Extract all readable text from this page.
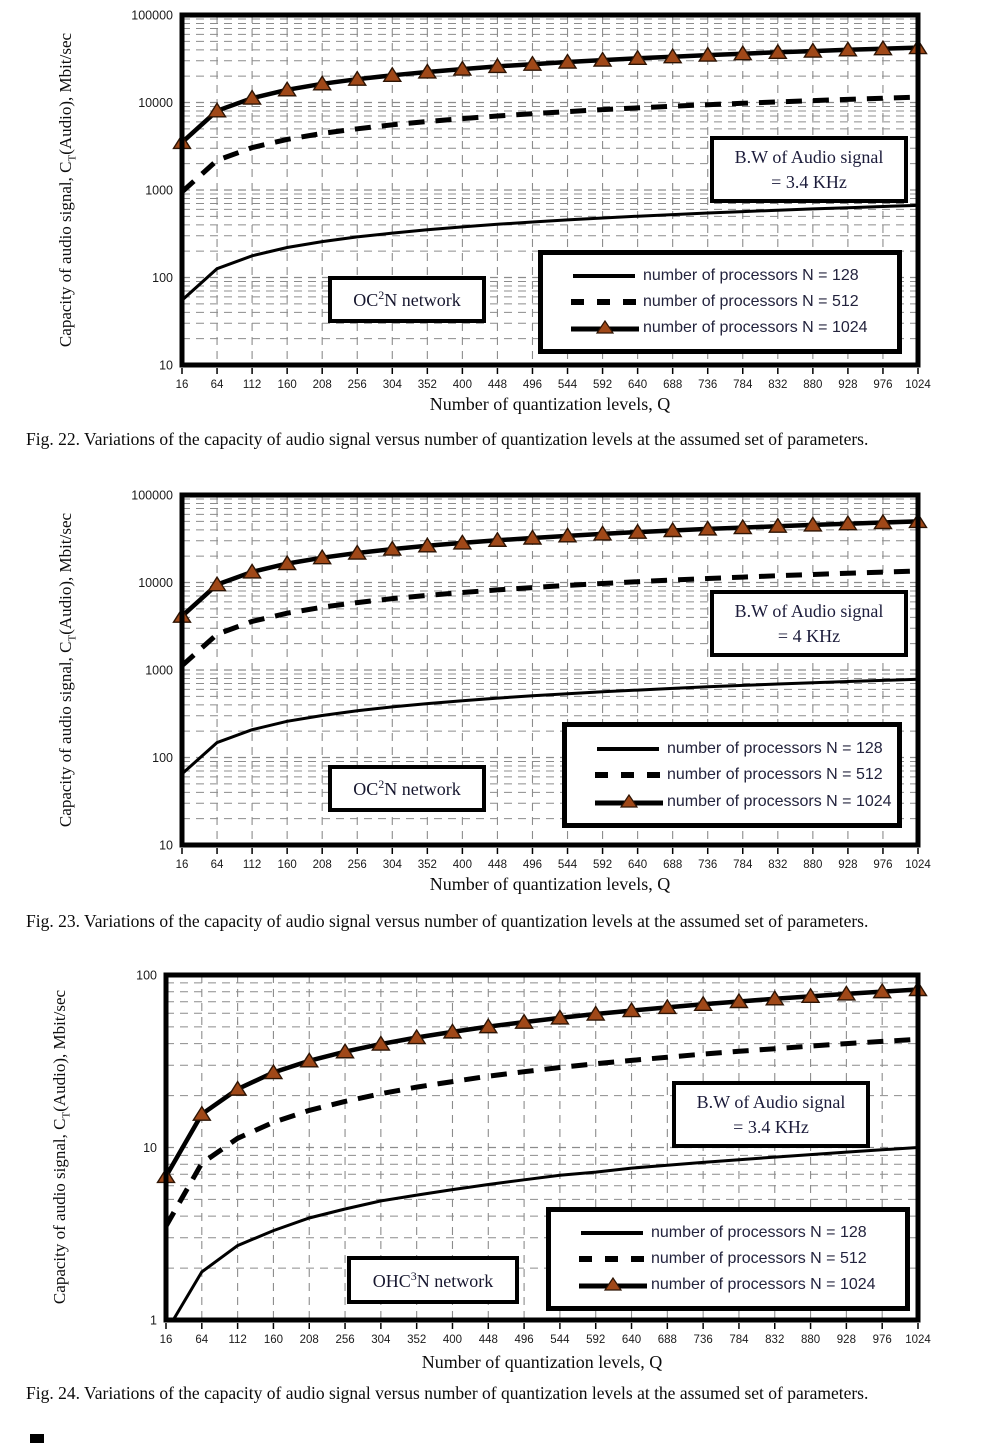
16 64 112 160 208 256 304 352 400 448 496 544 592 640 688 736 784 832 880 928 976 1024
10
100
1000
10000
100000
Capacity of audio signal, $C_T(Audio)$, Mbit/sec
B.W of Audio signal
= 3.4 KHz
$OC^2N$ network
number of processors N = 128
number of processors N = 512
number of processors N = 1024
Number of quantization levels, Q
Fig. 22. Variations of the capacity of audio signal versus number of quantization levels at the assumed set of parameters.
16 64 112 160 208 256 304 352 400 448 496 544 592 640 688 736 784 832 880 928 976 1024
10
100
1000
10000
100000
Capacity of audio signal, $C_T(Audio)$, Mbit/sec	B.W of Audio signal
= 4 KHz
$OC^2N$ network
number of processors N = 128
number of processors N = 512
number of processors N = 1024
Number of quantization levels, Q
Fig. 23. Variations of the capacity of audio signal versus number of quantization levels at the assumed set of parameters.
16 64 112 160 208 256 304 352 400 448 496 544 592 640 688 736 784 832 880 928 976 1024
1
10
100
Capacity of audio signal, $C_T(Audio)$, Mbit/sec	B.W of Audio signal
= 3.4 KHz
OHC$^3$N network
number of processors N = 128
number of processors N = 512
number of processors N = 1024
Number of quantization levels, Q
Fig. 24. Variations of the capacity of audio signal versus number of quantization levels at the assumed set of parameters.
